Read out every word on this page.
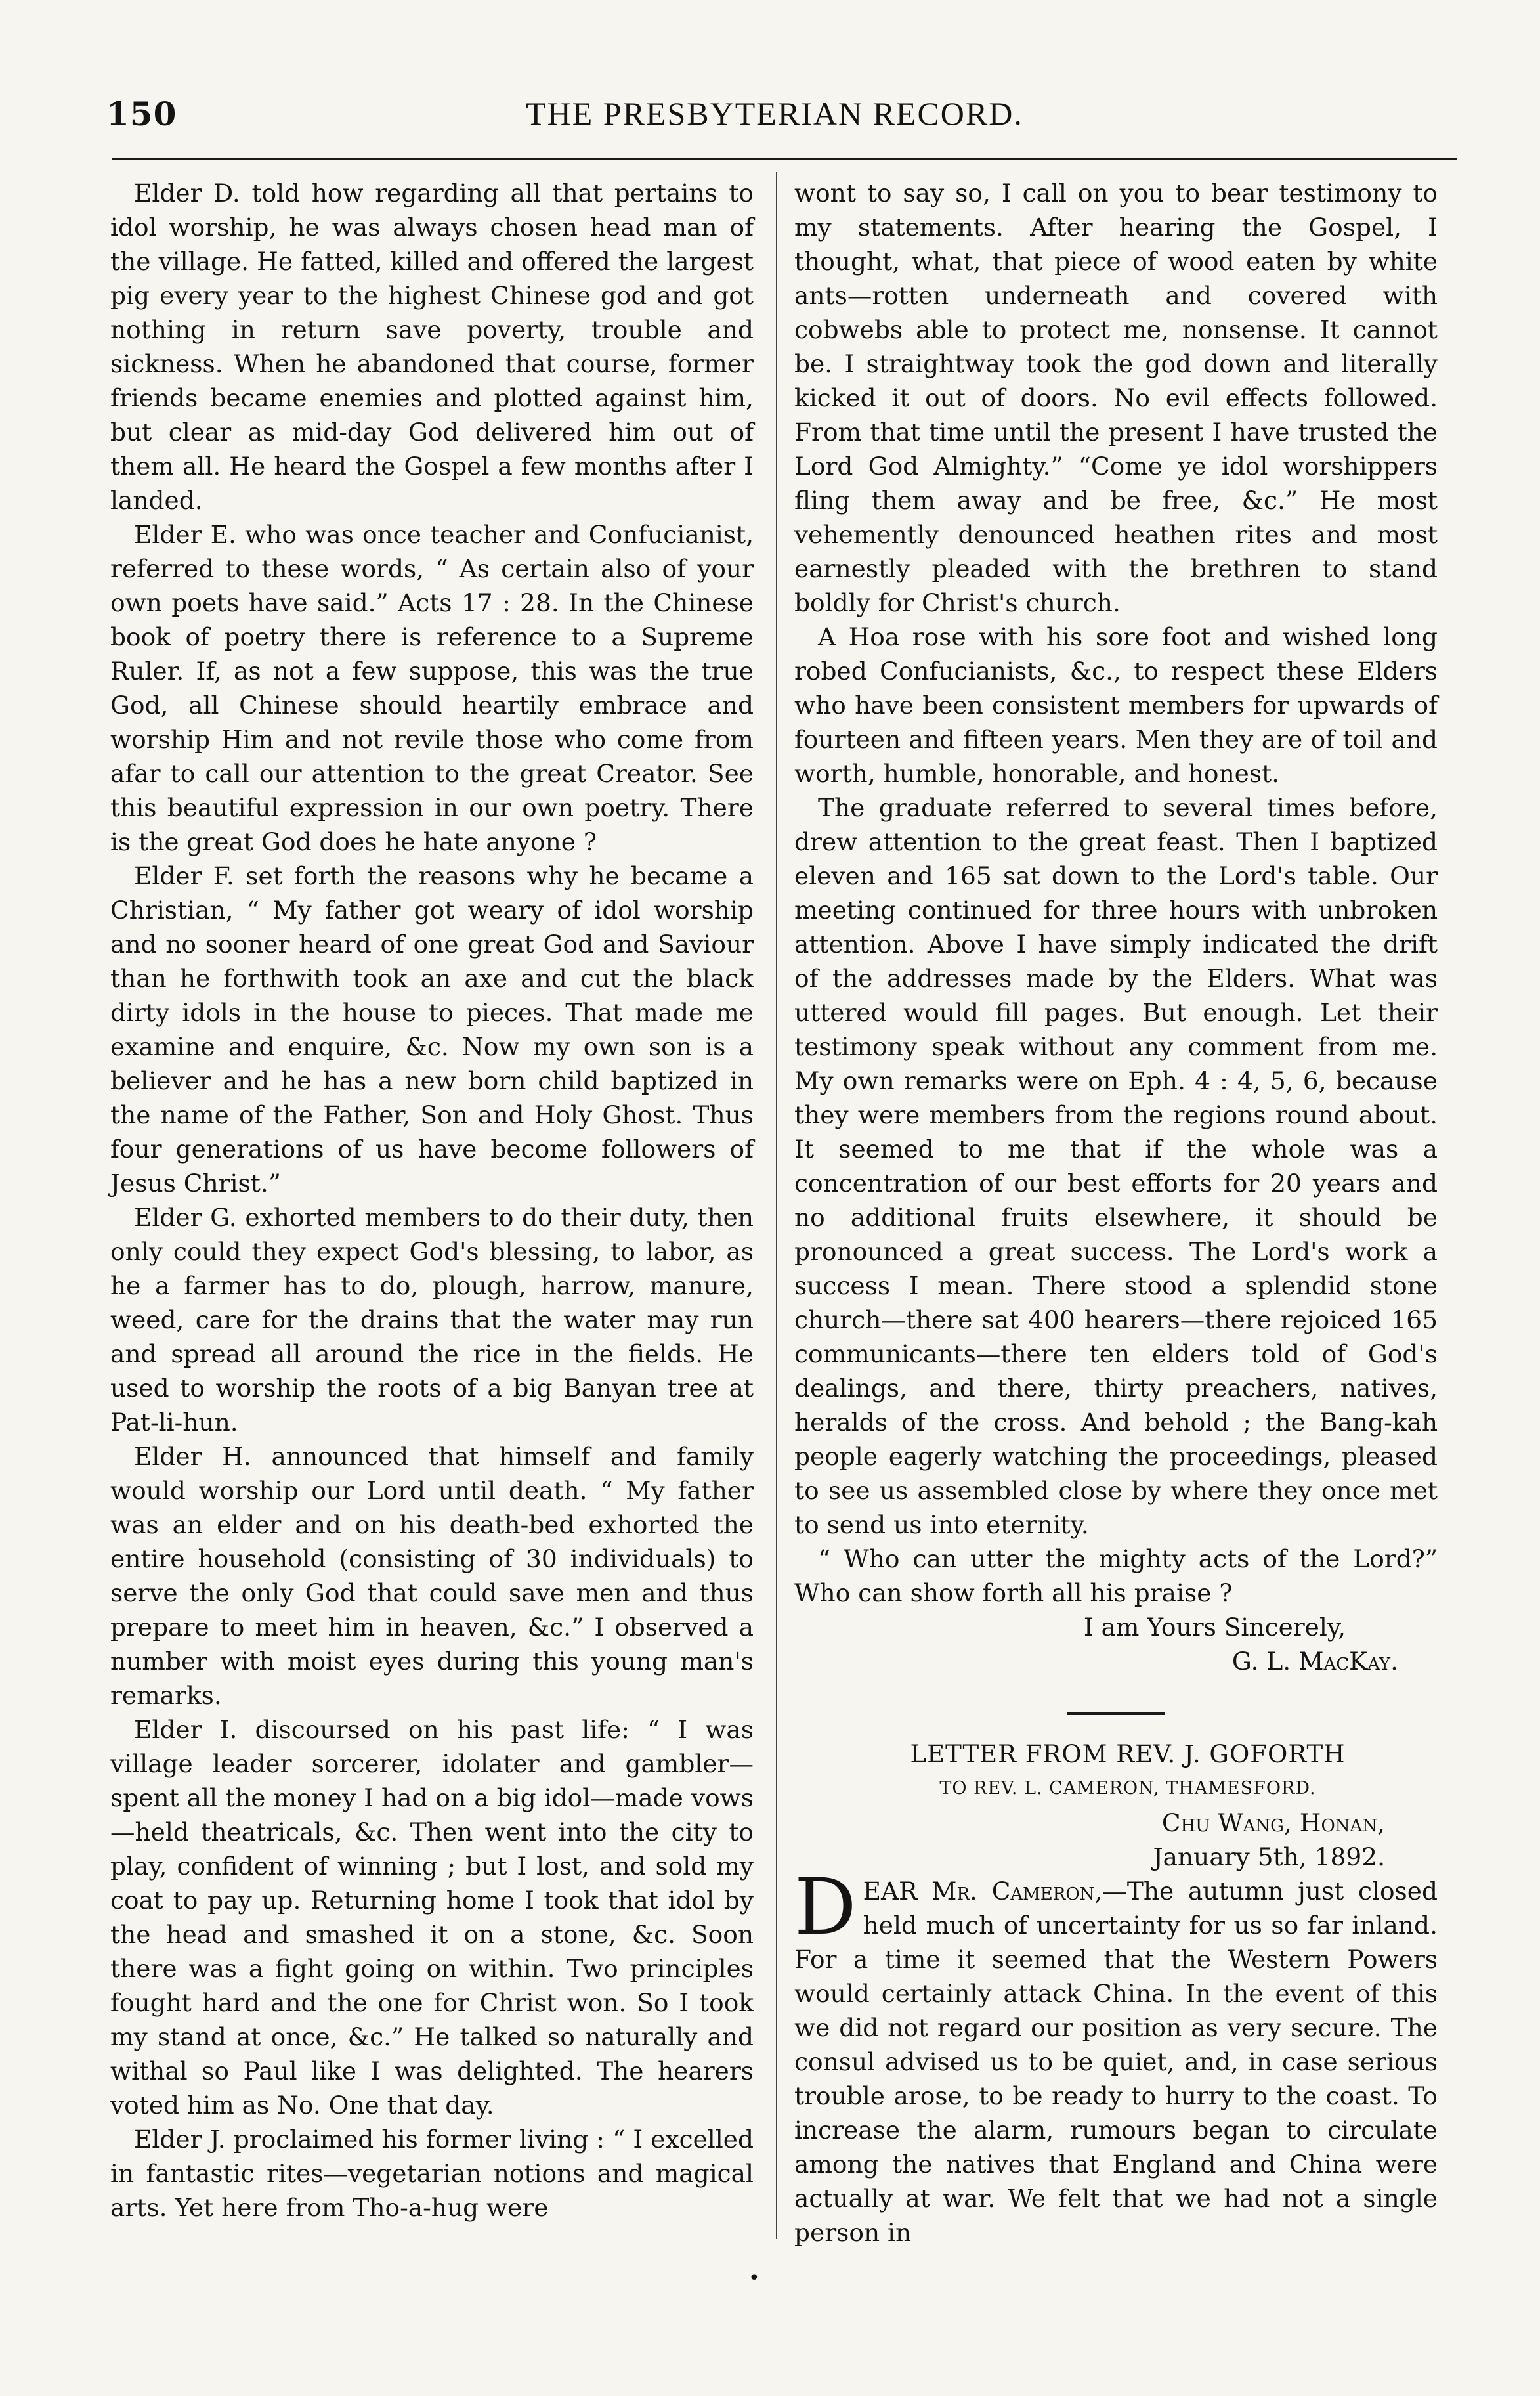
150	THE PRESBYTERIAN RECORD.

Elder D. told how regarding all that pertains to idol worship, he was always chosen head man of the village. He fatted, killed and offered the largest pig every year to the highest Chinese god and got nothing in return save poverty, trouble and sickness. When he abandoned that course, former friends became enemies and plotted against him, but clear as mid-day God delivered him out of them all. He heard the Gospel a few months after I landed.

Elder E. who was once teacher and Confucianist, referred to these words, “ As certain also of your own poets have said.” Acts 17 : 28. In the Chinese book of poetry there is reference to a Supreme Ruler. If, as not a few suppose, this was the true God, all Chinese should heartily embrace and worship Him and not revile those who come from afar to call our attention to the great Creator. See this beautiful expression in our own poetry. There is the great God does he hate anyone ?

Elder F. set forth the reasons why he became a Christian, “ My father got weary of idol worship and no sooner heard of one great God and Saviour than he forthwith took an axe and cut the black dirty idols in the house to pieces. That made me examine and enquire, &c. Now my own son is a believer and he has a new born child baptized in the name of the Father, Son and Holy Ghost. Thus four generations of us have become followers of Jesus Christ.”

Elder G. exhorted members to do their duty, then only could they expect God's blessing, to labor, as he a farmer has to do, plough, harrow, manure, weed, care for the drains that the water may run and spread all around the rice in the fields. He used to worship the roots of a big Banyan tree at Pat-li-hun.

Elder H. announced that himself and family would worship our Lord until death. “ My father was an elder and on his death-bed exhorted the entire household (consisting of 30 individuals) to serve the only God that could save men and thus prepare to meet him in heaven, &c.” I observed a number with moist eyes during this young man's remarks.

Elder I. discoursed on his past life: “ I was village leader sorcerer, idolater and gambler—spent all the money I had on a big idol—made vows—held theatricals, &c. Then went into the city to play, confident of winning ; but I lost, and sold my coat to pay up. Returning home I took that idol by the head and smashed it on a stone, &c. Soon there was a fight going on within. Two principles fought hard and the one for Christ won. So I took my stand at once, &c.” He talked so naturally and withal so Paul like I was delighted. The hearers voted him as No. One that day.

Elder J. proclaimed his former living : “ I excelled in fantastic rites—vegetarian notions and magical arts. Yet here from Tho-a-hug were

wont to say so, I call on you to bear testimony to my statements. After hearing the Gospel, I thought, what, that piece of wood eaten by white ants—rotten underneath and covered with cobwebs able to protect me, nonsense. It cannot be. I straightway took the god down and literally kicked it out of doors. No evil effects followed. From that time until the present I have trusted the Lord God Almighty.” “Come ye idol worshippers fling them away and be free, &c.” He most vehemently denounced heathen rites and most earnestly pleaded with the brethren to stand boldly for Christ's church.

A Hoa rose with his sore foot and wished long robed Confucianists, &c., to respect these Elders who have been consistent members for upwards of fourteen and fifteen years. Men they are of toil and worth, humble, honorable, and honest.

The graduate referred to several times before, drew attention to the great feast. Then I baptized eleven and 165 sat down to the Lord's table. Our meeting continued for three hours with unbroken attention. Above I have simply indicated the drift of the addresses made by the Elders. What was uttered would fill pages. But enough. Let their testimony speak without any comment from me. My own remarks were on Eph. 4 : 4, 5, 6, because they were members from the regions round about. It seemed to me that if the whole was a concentration of our best efforts for 20 years and no additional fruits elsewhere, it should be pronounced a great success. The Lord's work a success I mean. There stood a splendid stone church—there sat 400 hearers—there rejoiced 165 communicants—there ten elders told of God's dealings, and there, thirty preachers, natives, heralds of the cross. And behold ; the Bang-kah people eagerly watching the proceedings, pleased to see us assembled close by where they once met to send us into eternity.

“ Who can utter the mighty acts of the Lord?” Who can show forth all his praise ?

I am Yours Sincerely,

G. L. MacKay.

LETTER FROM REV. J. GOFORTH

TO REV. L. CAMERON, THAMESFORD.

Chu Wang, Honan,

January 5th, 1892.

D EAR Mr. Cameron,—The autumn just closed held much of uncertainty for us so far inland. For a time it seemed that the Western Powers would certainly attack China. In the event of this we did not regard our position as very secure. The consul advised us to be quiet, and, in case serious trouble arose, to be ready to hurry to the coast. To increase the alarm, rumours began to circulate among the natives that England and China were actually at war. We felt that we had not a single person in
•
